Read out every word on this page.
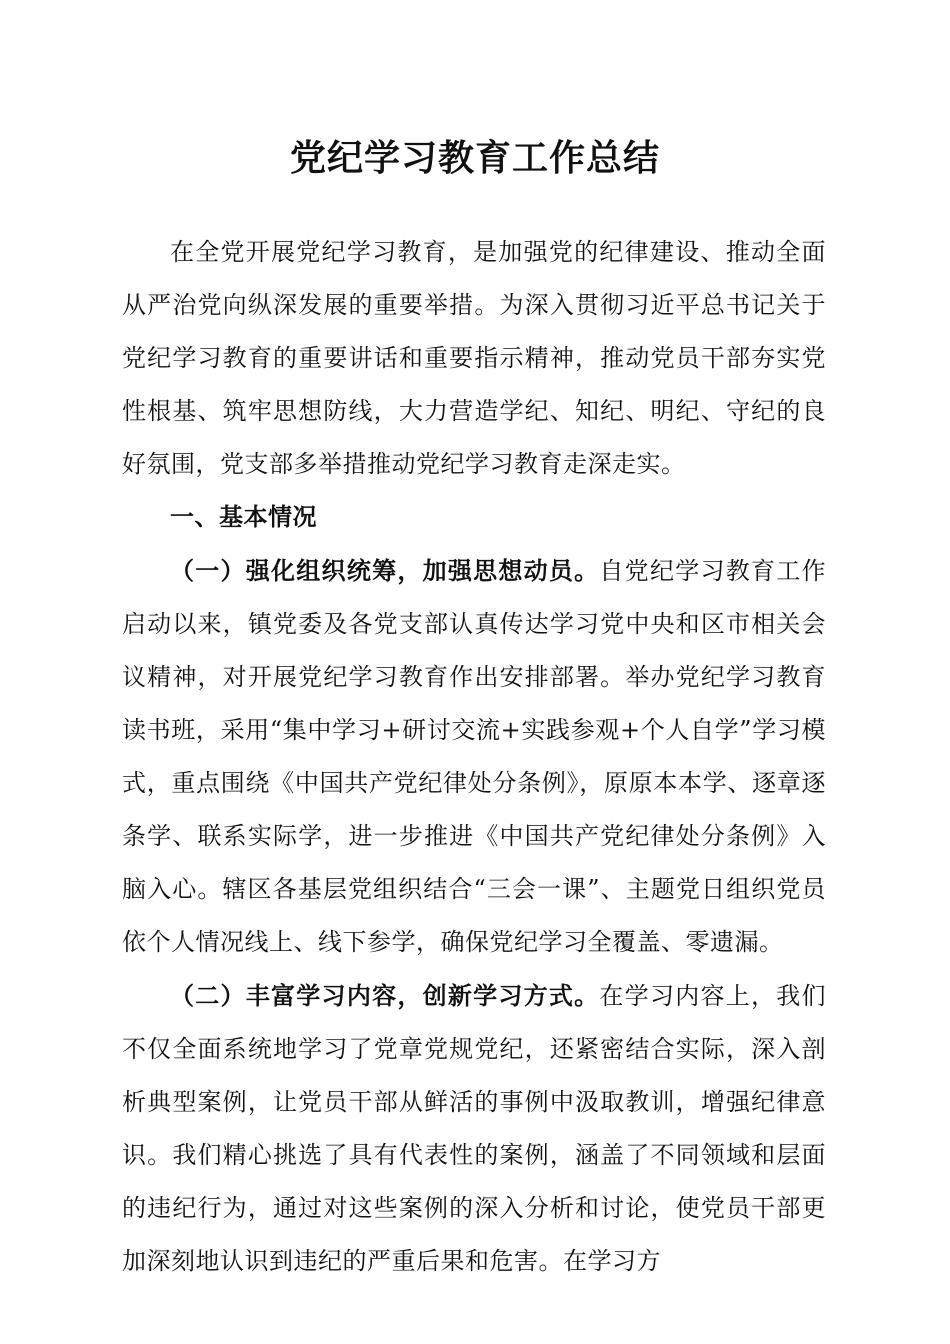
党纪学习教育工作总结

在全党开展党纪学习教育，是加强党的纪律建设、推动全面从严治党向纵深发展的重要举措。为深入贯彻习近平总书记关于党纪学习教育的重要讲话和重要指示精神，推动党员干部夯实党性根基、筑牢思想防线，大力营造学纪、知纪、明纪、守纪的良好氛围，党支部多举措推动党纪学习教育走深走实。

一、基本情况

（一）强化组织统筹，加强思想动员。自党纪学习教育工作启动以来，镇党委及各党支部认真传达学习党中央和区市相关会议精神，对开展党纪学习教育作出安排部署。举办党纪学习教育读书班，采用“集中学习+研讨交流+实践参观+个人自学”学习模式，重点围绕《中国共产党纪律处分条例》，原原本本学、逐章逐条学、联系实际学，进一步推进《中国共产党纪律处分条例》入脑入心。辖区各基层党组织结合“三会一课”、主题党日组织党员依个人情况线上、线下参学，确保党纪学习全覆盖、零遗漏。

（二）丰富学习内容，创新学习方式。在学习内容上，我们不仅全面系统地学习了党章党规党纪，还紧密结合实际，深入剖析典型案例，让党员干部从鲜活的事例中汲取教训，增强纪律意识。我们精心挑选了具有代表性的案例，涵盖了不同领域和层面的违纪行为，通过对这些案例的深入分析和讨论，使党员干部更加深刻地认识到违纪的严重后果和危害。在学习方
